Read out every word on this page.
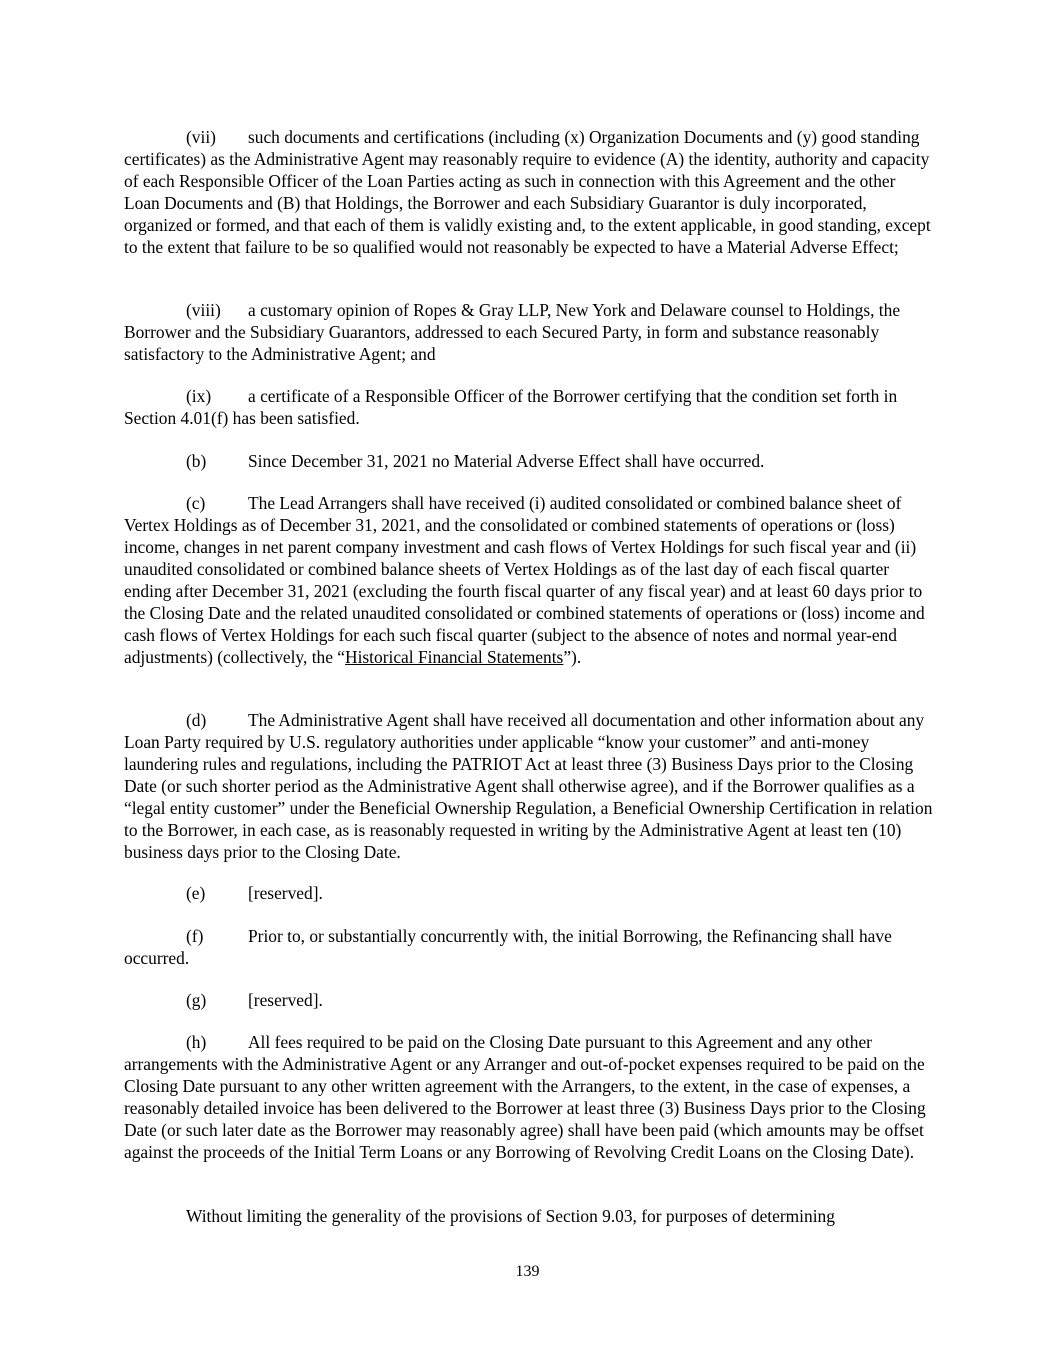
(vii) such documents and certifications (including (x) Organization Documents and (y) good standing certificates) as the Administrative Agent may reasonably require to evidence (A) the identity, authority and capacity of each Responsible Officer of the Loan Parties acting as such in connection with this Agreement and the other Loan Documents and (B) that Holdings, the Borrower and each Subsidiary Guarantor is duly incorporated, organized or formed, and that each of them is validly existing and, to the extent applicable, in good standing, except to the extent that failure to be so qualified would not reasonably be expected to have a Material Adverse Effect;

(viii) a customary opinion of Ropes & Gray LLP, New York and Delaware counsel to Holdings, the Borrower and the Subsidiary Guarantors, addressed to each Secured Party, in form and substance reasonably satisfactory to the Administrative Agent; and

(ix) a certificate of a Responsible Officer of the Borrower certifying that the condition set forth in Section 4.01(f) has been satisfied.

(b) Since December 31, 2021 no Material Adverse Effect shall have occurred.

(c) The Lead Arrangers shall have received (i) audited consolidated or combined balance sheet of Vertex Holdings as of December 31, 2021, and the consolidated or combined statements of operations or (loss) income, changes in net parent company investment and cash flows of Vertex Holdings for such fiscal year and (ii) unaudited consolidated or combined balance sheets of Vertex Holdings as of the last day of each fiscal quarter ending after December 31, 2021 (excluding the fourth fiscal quarter of any fiscal year) and at least 60 days prior to the Closing Date and the related unaudited consolidated or combined statements of operations or (loss) income and cash flows of Vertex Holdings for each such fiscal quarter (subject to the absence of notes and normal year-end adjustments) (collectively, the “Historical Financial Statements”).

(d) The Administrative Agent shall have received all documentation and other information about any Loan Party required by U.S. regulatory authorities under applicable “know your customer” and anti-money laundering rules and regulations, including the PATRIOT Act at least three (3) Business Days prior to the Closing Date (or such shorter period as the Administrative Agent shall otherwise agree), and if the Borrower qualifies as a “legal entity customer” under the Beneficial Ownership Regulation, a Beneficial Ownership Certification in relation to the Borrower, in each case, as is reasonably requested in writing by the Administrative Agent at least ten (10) business days prior to the Closing Date.

(e) [reserved].

(f)	Prior to, or substantially concurrently with, the initial Borrowing, the Refinancing shall have occurred.

(g) [reserved].

(h) All fees required to be paid on the Closing Date pursuant to this Agreement and any other arrangements with the Administrative Agent or any Arranger and out-of-pocket expenses required to be paid on the Closing Date pursuant to any other written agreement with the Arrangers, to the extent, in the case of expenses, a reasonably detailed invoice has been delivered to the Borrower at least three (3) Business Days prior to the Closing Date (or such later date as the Borrower may reasonably agree) shall have been paid (which amounts may be offset against the proceeds of the Initial Term Loans or any Borrowing of Revolving Credit Loans on the Closing Date).

Without limiting the generality of the provisions of Section 9.03, for purposes of determining

139
